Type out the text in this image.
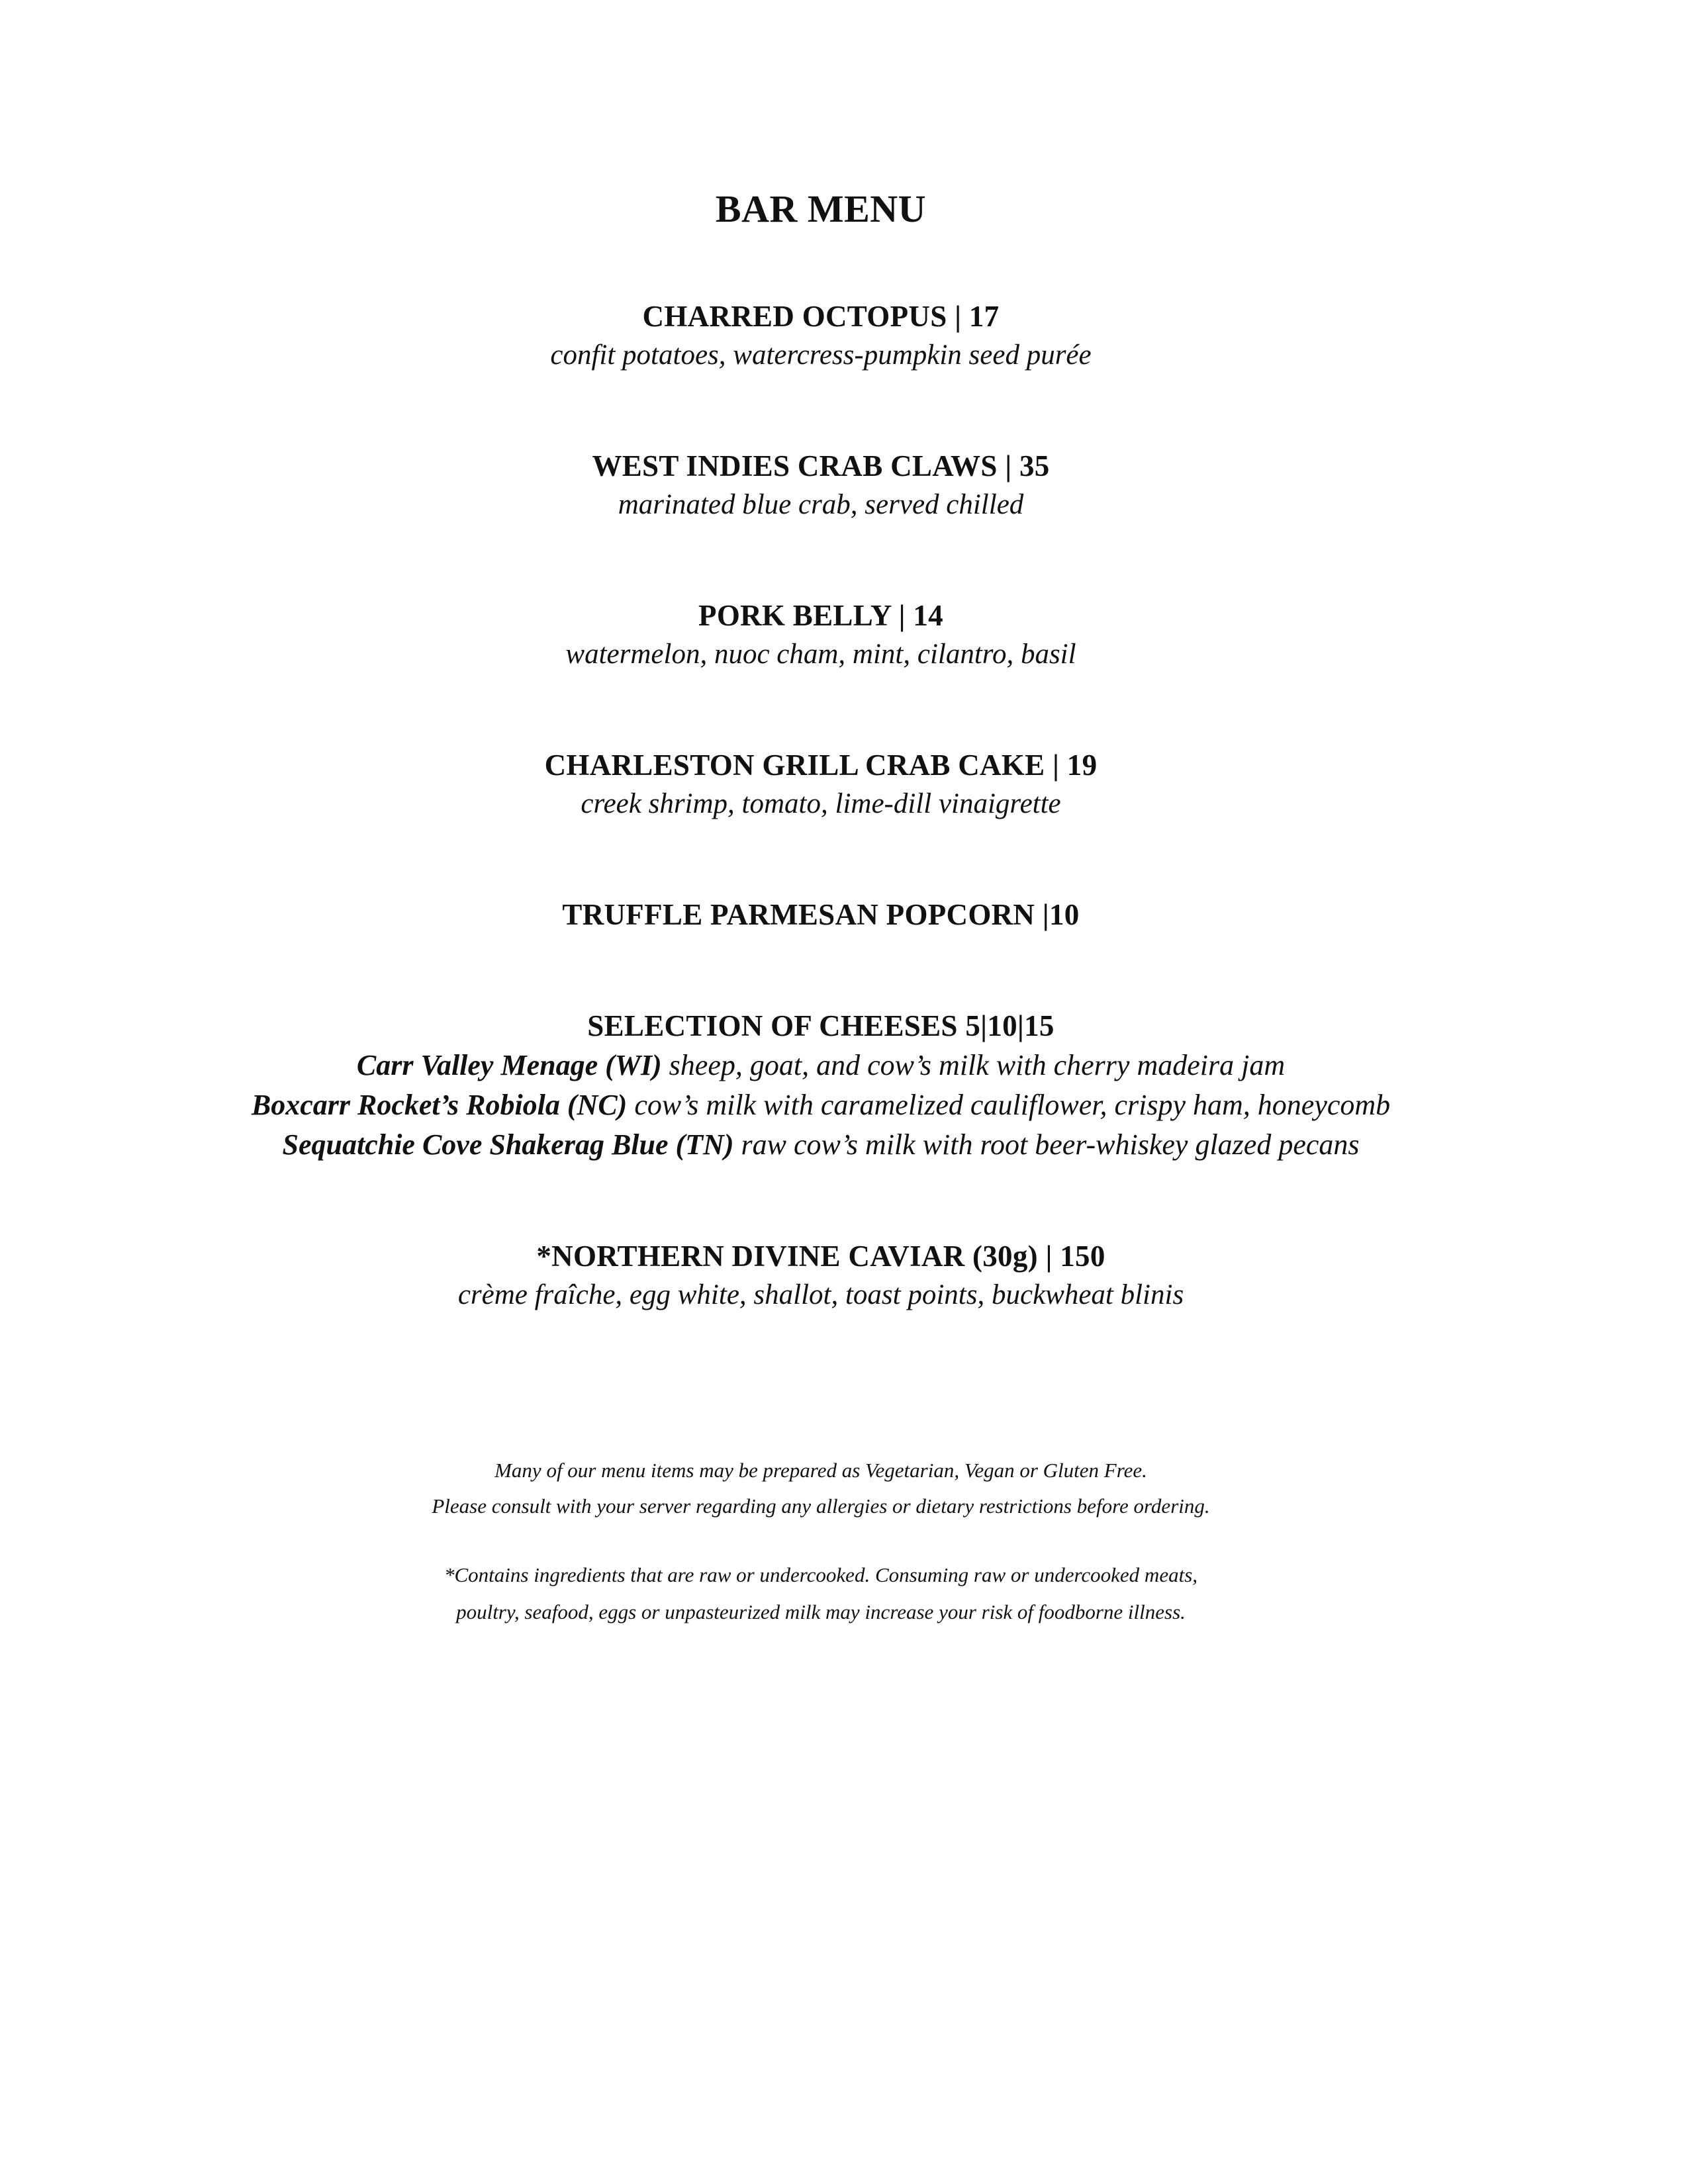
BAR MENU
CHARRED OCTOPUS | 17
confit potatoes, watercress-pumpkin seed purée
WEST INDIES CRAB CLAWS | 35
marinated blue crab, served chilled
PORK BELLY | 14
watermelon, nuoc cham, mint, cilantro, basil
CHARLESTON GRILL CRAB CAKE | 19
creek shrimp, tomato, lime-dill vinaigrette
TRUFFLE PARMESAN POPCORN |10
SELECTION OF CHEESES 5|10|15
Carr Valley Menage (WI) sheep, goat, and cow’s milk with cherry madeira jam
Boxcarr Rocket’s Robiola (NC) cow’s milk with caramelized cauliflower, crispy ham, honeycomb
Sequatchie Cove Shakerag Blue (TN) raw cow’s milk with root beer-whiskey glazed pecans
*NORTHERN DIVINE CAVIAR (30g) | 150
crème fraîche, egg white, shallot, toast points, buckwheat blinis
Many of our menu items may be prepared as Vegetarian, Vegan or Gluten Free.
Please consult with your server regarding any allergies or dietary restrictions before ordering.
*Contains ingredients that are raw or undercooked. Consuming raw or undercooked meats,
poultry, seafood, eggs or unpasteurized milk may increase your risk of foodborne illness.
